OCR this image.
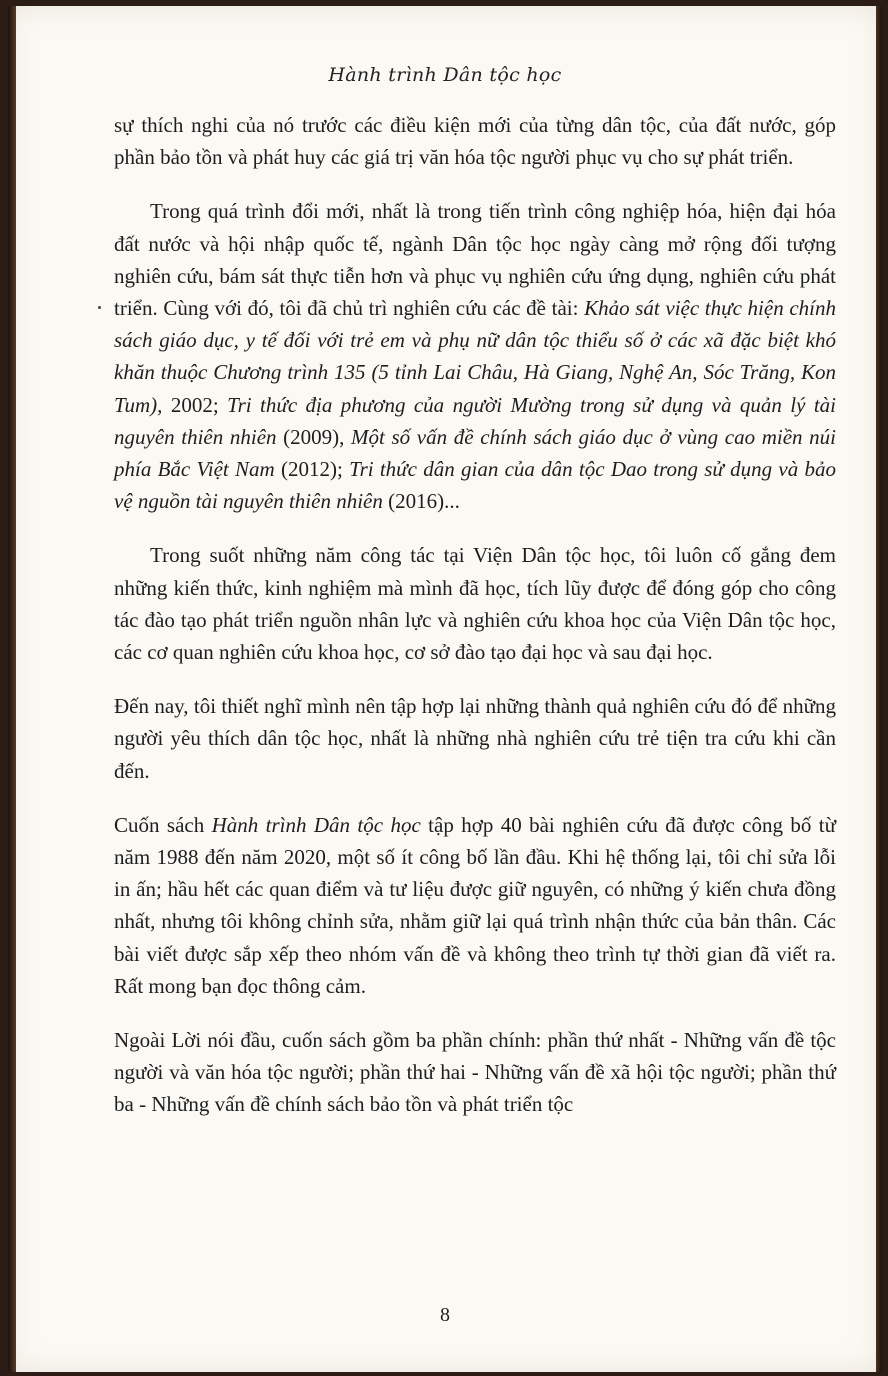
Hành trình Dân tộc học

sự thích nghi của nó trước các điều kiện mới của từng dân tộc, của đất nước, góp phần bảo tồn và phát huy các giá trị văn hóa tộc người phục vụ cho sự phát triển.

Trong quá trình đổi mới, nhất là trong tiến trình công nghiệp hóa, hiện đại hóa đất nước và hội nhập quốc tế, ngành Dân tộc học ngày càng mở rộng đối tượng nghiên cứu, bám sát thực tiễn hơn và phục vụ nghiên cứu ứng dụng, nghiên cứu phát triển. Cùng với đó, tôi đã chủ trì nghiên cứu các đề tài: Khảo sát việc thực hiện chính sách giáo dục, y tế đối với trẻ em và phụ nữ dân tộc thiểu số ở các xã đặc biệt khó khăn thuộc Chương trình 135 (5 tỉnh Lai Châu, Hà Giang, Nghệ An, Sóc Trăng, Kon Tum), 2002; Tri thức địa phương của người Mường trong sử dụng và quản lý tài nguyên thiên nhiên (2009), Một số vấn đề chính sách giáo dục ở vùng cao miền núi phía Bắc Việt Nam (2012); Tri thức dân gian của dân tộc Dao trong sử dụng và bảo vệ nguồn tài nguyên thiên nhiên (2016)...

Trong suốt những năm công tác tại Viện Dân tộc học, tôi luôn cố gắng đem những kiến thức, kinh nghiệm mà mình đã học, tích lũy được để đóng góp cho công tác đào tạo phát triển nguồn nhân lực và nghiên cứu khoa học của Viện Dân tộc học, các cơ quan nghiên cứu khoa học, cơ sở đào tạo đại học và sau đại học.

Đến nay, tôi thiết nghĩ mình nên tập hợp lại những thành quả nghiên cứu đó để những người yêu thích dân tộc học, nhất là những nhà nghiên cứu trẻ tiện tra cứu khi cần đến.

Cuốn sách Hành trình Dân tộc học tập hợp 40 bài nghiên cứu đã được công bố từ năm 1988 đến năm 2020, một số ít công bố lần đầu. Khi hệ thống lại, tôi chỉ sửa lỗi in ấn; hầu hết các quan điểm và tư liệu được giữ nguyên, có những ý kiến chưa đồng nhất, nhưng tôi không chỉnh sửa, nhằm giữ lại quá trình nhận thức của bản thân. Các bài viết được sắp xếp theo nhóm vấn đề và không theo trình tự thời gian đã viết ra. Rất mong bạn đọc thông cảm.

Ngoài Lời nói đầu, cuốn sách gồm ba phần chính: phần thứ nhất - Những vấn đề tộc người và văn hóa tộc người; phần thứ hai - Những vấn đề xã hội tộc người; phần thứ ba - Những vấn đề chính sách bảo tồn và phát triển tộc

8
